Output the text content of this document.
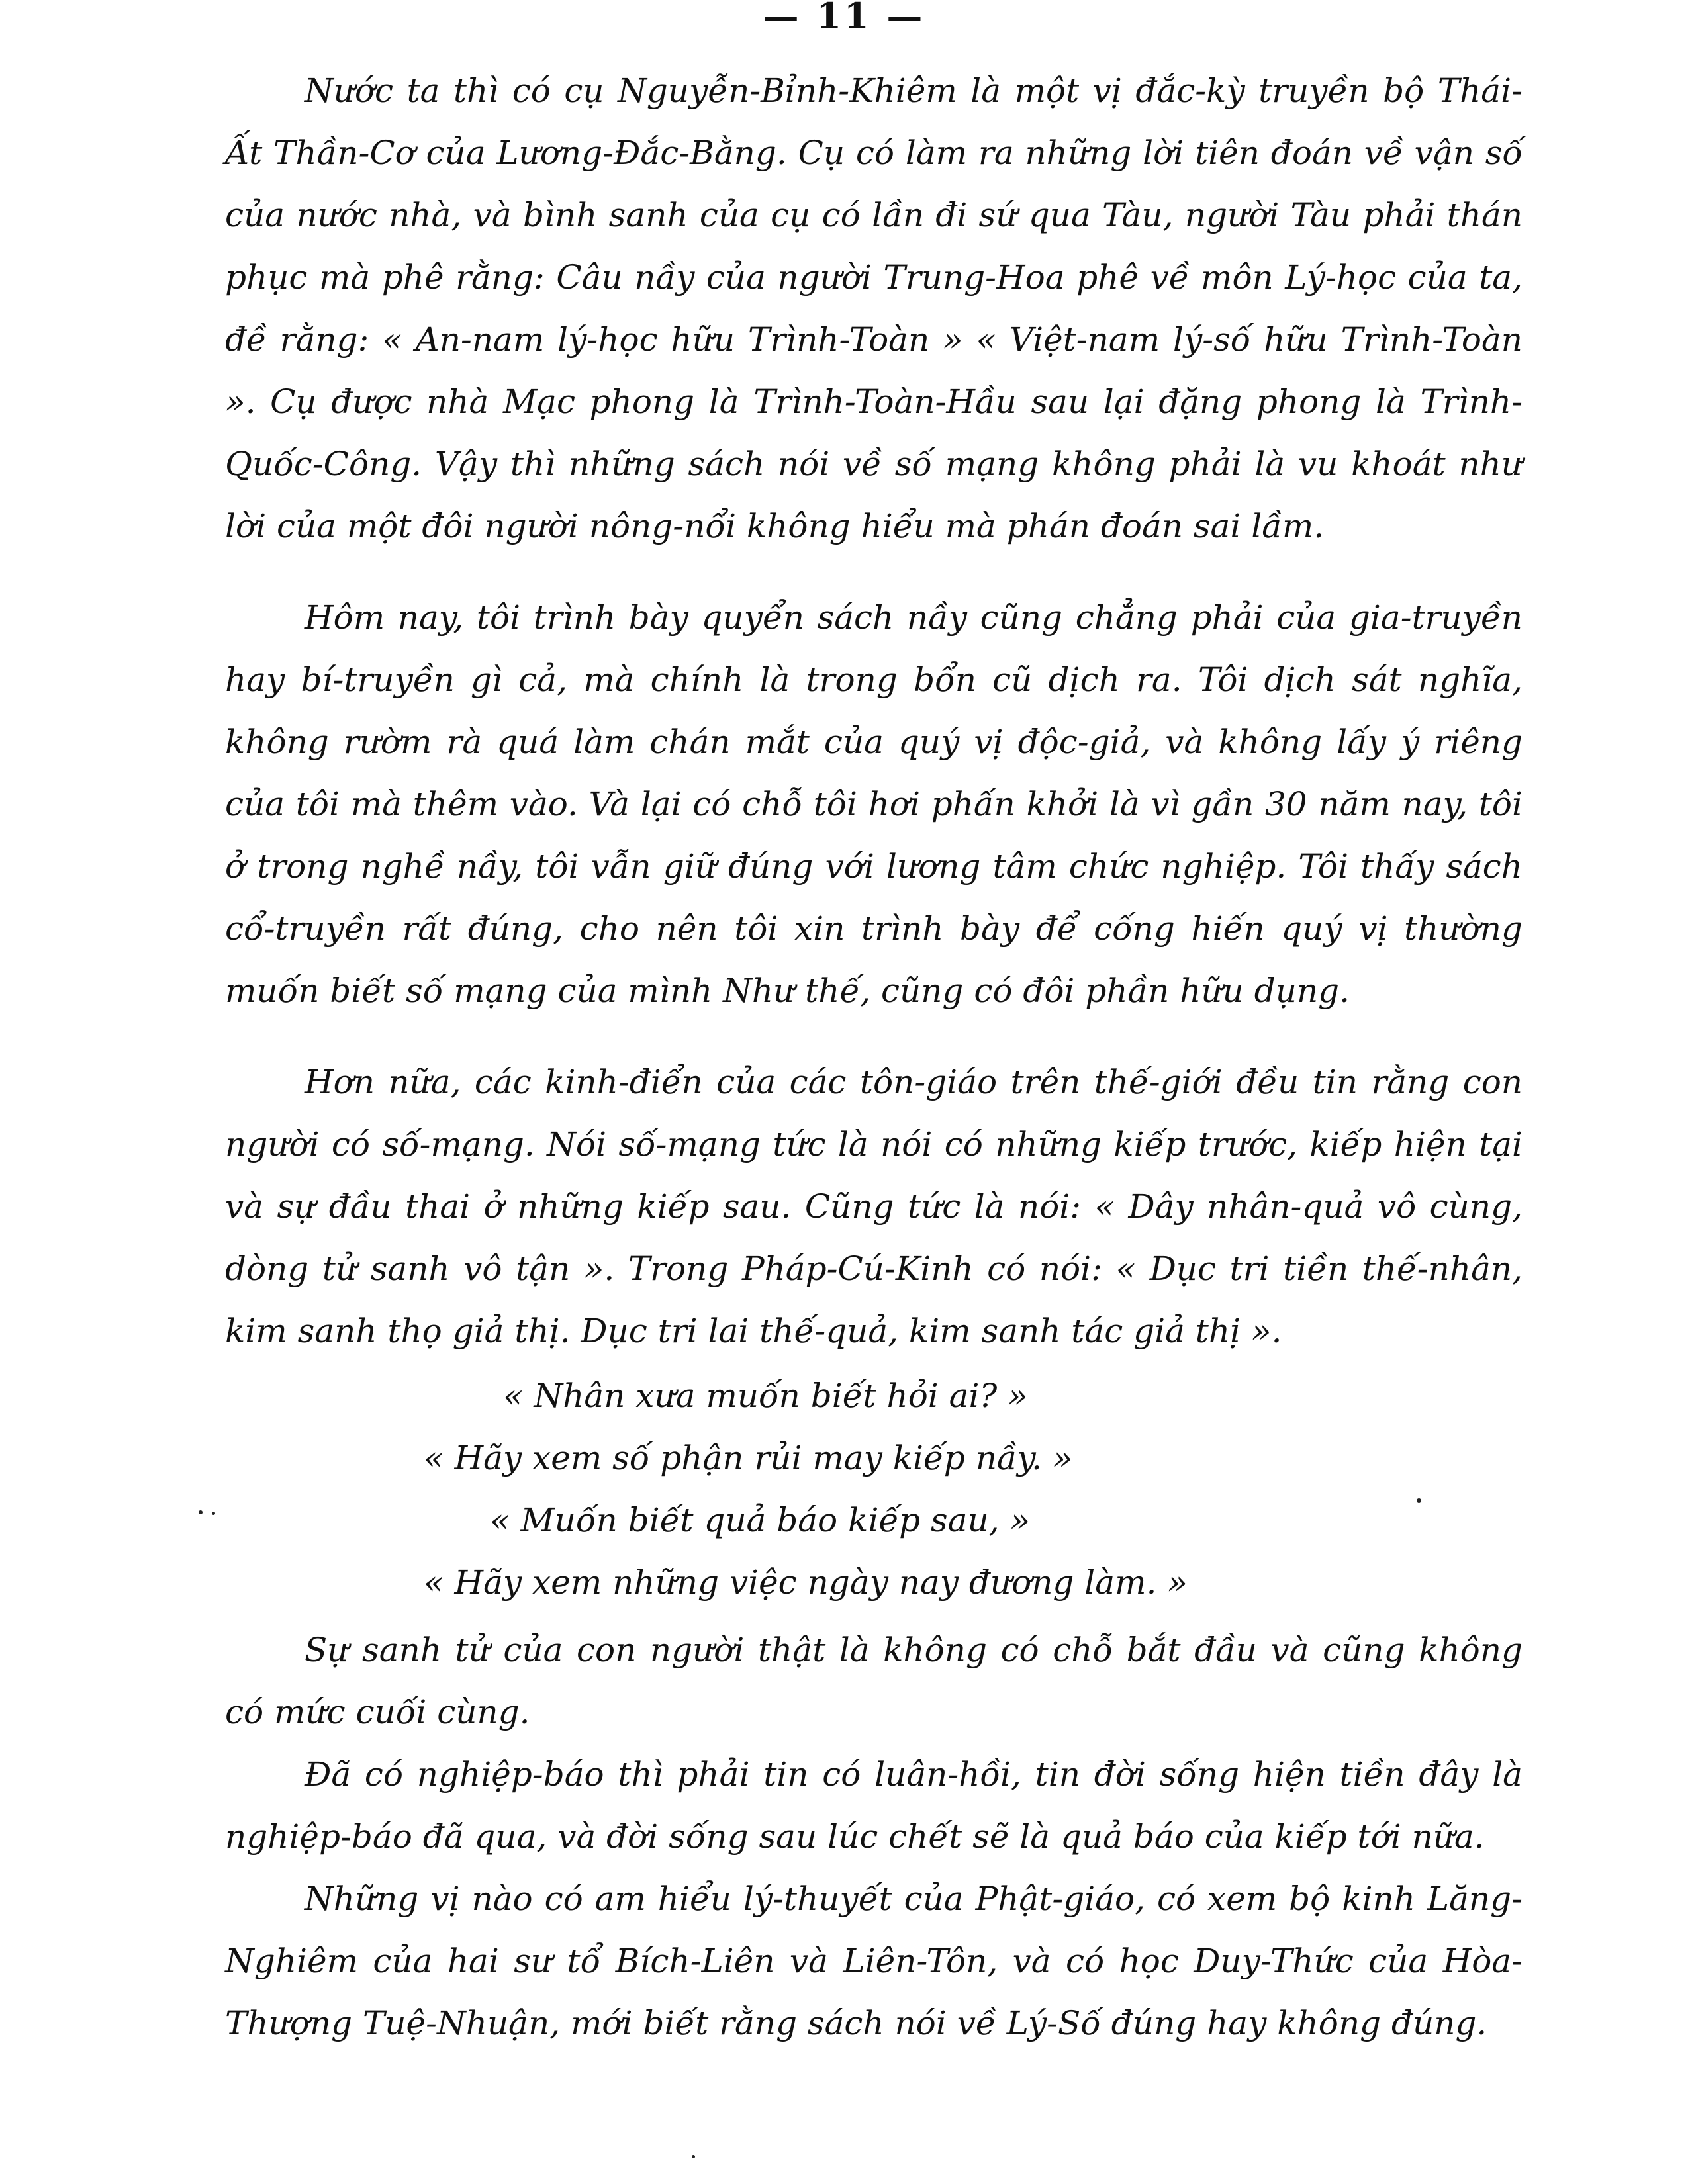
— 11 —

Nước ta thì có cụ Nguyễn-Bỉnh-Khiêm là một vị đắc-kỳ truyền bộ Thái-Ất Thần-Cơ của Lương-Đắc-Bằng. Cụ có làm ra những lời tiên đoán về vận số của nước nhà, và bình sanh của cụ có lần đi sứ qua Tàu, người Tàu phải thán phục mà phê rằng: Câu nầy của người Trung-Hoa phê về môn Lý-học của ta, đề rằng: « An-nam lý-học hữu Trình-Toàn » « Việt-nam lý-số hữu Trình-Toàn ». Cụ được nhà Mạc phong là Trình-Toàn-Hầu sau lại đặng phong là Trình-Quốc-Công. Vậy thì những sách nói về số mạng không phải là vu khoát như lời của một đôi người nông-nổi không hiểu mà phán đoán sai lầm.

Hôm nay, tôi trình bày quyển sách nầy cũng chẳng phải của gia-truyền hay bí-truyền gì cả, mà chính là trong bổn cũ dịch ra. Tôi dịch sát nghĩa, không rườm rà quá làm chán mắt của quý vị độc-giả, và không lấy ý riêng của tôi mà thêm vào. Và lại có chỗ tôi hơi phấn khởi là vì gần 30 năm nay, tôi ở trong nghề nầy, tôi vẫn giữ đúng với lương tâm chức nghiệp. Tôi thấy sách cổ-truyền rất đúng, cho nên tôi xin trình bày để cống hiến quý vị thường muốn biết số mạng của mình Như thế, cũng có đôi phần hữu dụng.

Hơn nữa, các kinh-điển của các tôn-giáo trên thế-giới đều tin rằng con người có số-mạng. Nói số-mạng tức là nói có những kiếp trước, kiếp hiện tại và sự đầu thai ở những kiếp sau. Cũng tức là nói: « Dây nhân-quả vô cùng, dòng tử sanh vô tận ». Trong Pháp-Cú-Kinh có nói: « Dục tri tiền thế-nhân, kim sanh thọ giả thị. Dục tri lai thế-quả, kim sanh tác giả thị ».

« Nhân xưa muốn biết hỏi ai? »

« Hãy xem số phận rủi may kiếp nầy. »

« Muốn biết quả báo kiếp sau, »

« Hãy xem những việc ngày nay đương làm. »

Sự sanh tử của con người thật là không có chỗ bắt đầu và cũng không có mức cuối cùng.

Đã có nghiệp-báo thì phải tin có luân-hồi, tin đời sống hiện tiền đây là nghiệp-báo đã qua, và đời sống sau lúc chết sẽ là quả báo của kiếp tới nữa.

Những vị nào có am hiểu lý-thuyết của Phật-giáo, có xem bộ kinh Lăng-Nghiêm của hai sư tổ Bích-Liên và Liên-Tôn, và có học Duy-Thức của Hòa-Thượng Tuệ-Nhuận, mới biết rằng sách nói về Lý-Số đúng hay không đúng.
